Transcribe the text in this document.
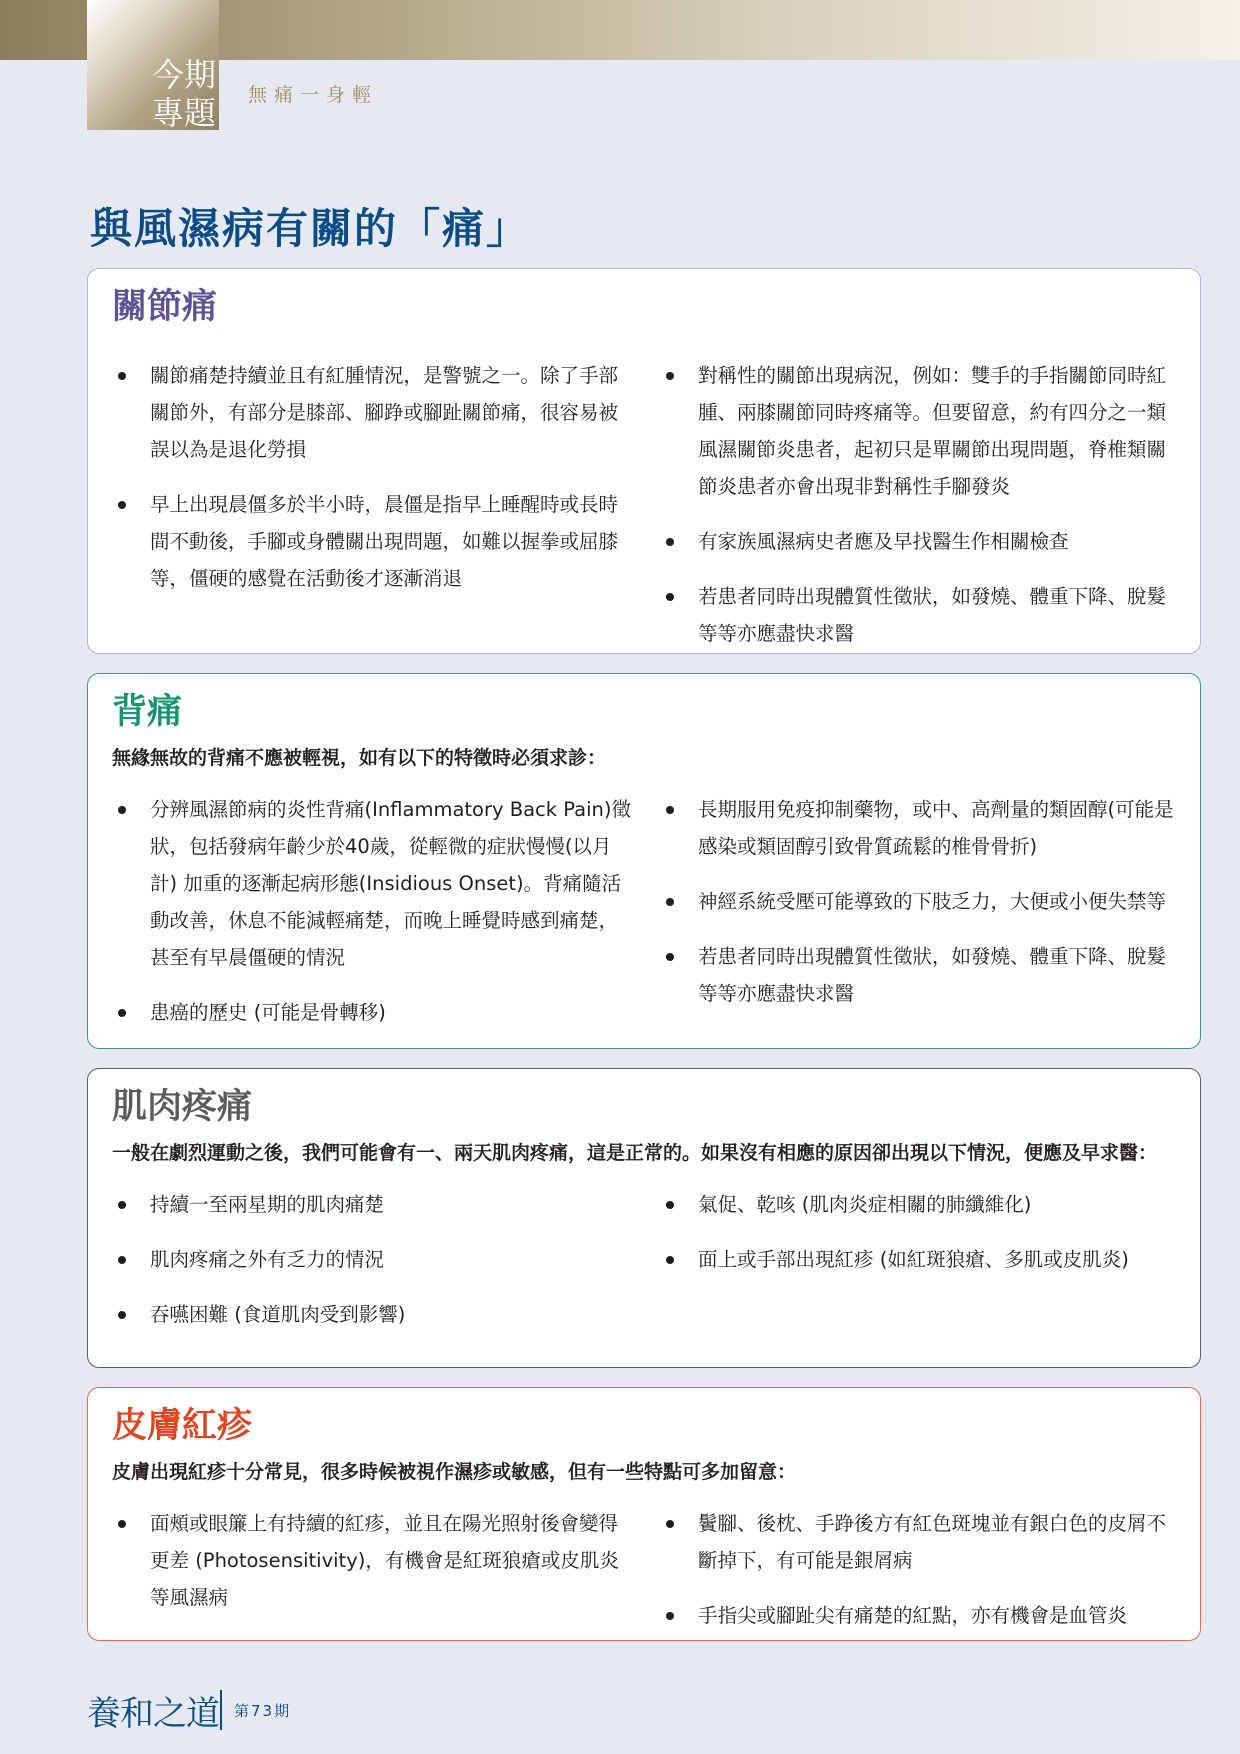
今期專題	無痛一身輕
與風濕病有關的「痛」
關節痛
關節痛楚持續並且有紅腫情況，是警號之一。除了手部關節外，有部分是膝部、腳踭或腳趾關節痛，很容易被誤以為是退化勞損
早上出現晨僵多於半小時，晨僵是指早上睡醒時或長時間不動後，手腳或身體關出現問題，如難以握拳或屈膝等，僵硬的感覺在活動後才逐漸消退
對稱性的關節出現病況，例如：雙手的手指關節同時紅腫、兩膝關節同時疼痛等。但要留意，約有四分之一類風濕關節炎患者，起初只是單關節出現問題，脊椎類關節炎患者亦會出現非對稱性手腳發炎
有家族風濕病史者應及早找醫生作相關檢查
若患者同時出現體質性徵狀，如發燒、體重下降、脫髮等等亦應盡快求醫
背痛

無緣無故的背痛不應被輕視，如有以下的特徵時必須求診：

分辨風濕節病的炎性背痛(Inflammatory Back Pain)徵狀，包括發病年齡少於40歲，從輕微的症狀慢慢(以月計) 加重的逐漸起病形態(Insidious Onset)。背痛隨活動改善，休息不能減輕痛楚，而晚上睡覺時感到痛楚，甚至有早晨僵硬的情況
患癌的歷史 (可能是骨轉移)
長期服用免疫抑制藥物，或中、高劑量的類固醇(可能是感染或類固醇引致骨質疏鬆的椎骨骨折)
神經系統受壓可能導致的下肢乏力，大便或小便失禁等
若患者同時出現體質性徵狀，如發燒、體重下降、脫髮等等亦應盡快求醫
肌肉疼痛

一般在劇烈運動之後，我們可能會有一、兩天肌肉疼痛，這是正常的。如果沒有相應的原因卻出現以下情況，便應及早求醫：

持續一至兩星期的肌肉痛楚
肌肉疼痛之外有乏力的情況
吞嚥困難 (食道肌肉受到影響)
氣促、乾咳 (肌肉炎症相關的肺纖維化)
面上或手部出現紅疹 (如紅斑狼瘡、多肌或皮肌炎)
皮膚紅疹

皮膚出現紅疹十分常見，很多時候被視作濕疹或敏感，但有一些特點可多加留意：

面頰或眼簾上有持續的紅疹，並且在陽光照射後會變得更差 (Photosensitivity)，有機會是紅斑狼瘡或皮肌炎等風濕病
鬢腳、後枕、手踭後方有紅色斑塊並有銀白色的皮屑不斷掉下，有可能是銀屑病
手指尖或腳趾尖有痛楚的紅點，亦有機會是血管炎
養和之道 第73期
